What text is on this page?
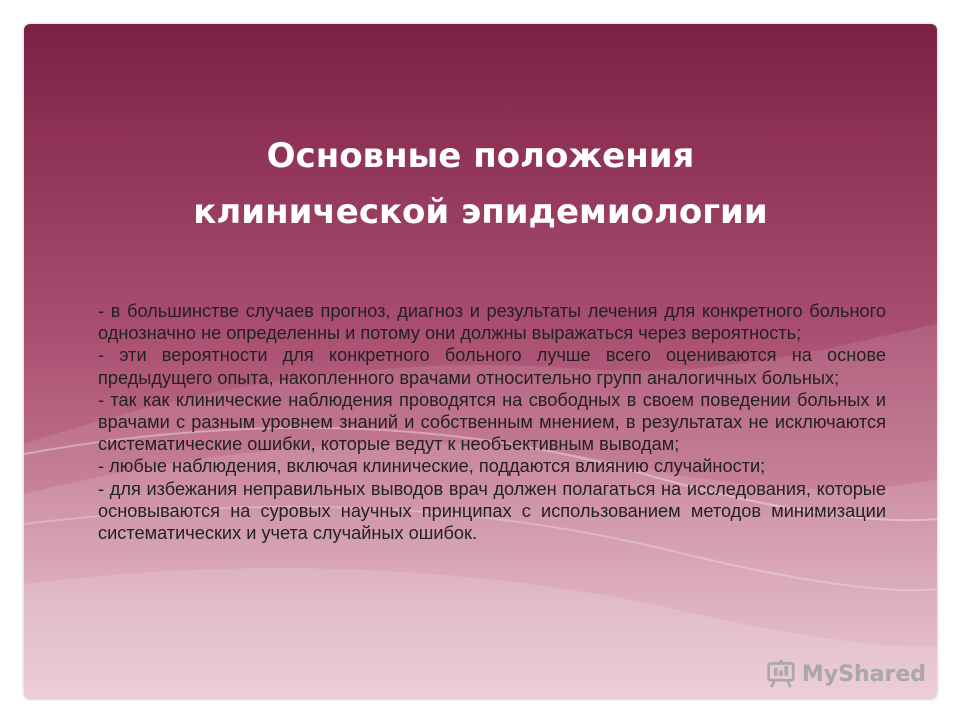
Основные положения
клинической эпидемиологии

- в большинстве случаев прогноз, диагноз и результаты лечения для конкретного больного однозначно не определенны и потому они должны выражаться через вероятность;

- эти вероятности для конкретного больного лучше всего оцениваются на основе предыдущего опыта, накопленного врачами относительно групп аналогичных больных;

- так как клинические наблюдения проводятся на свободных в своем поведении больных и врачами с разным уровнем знаний и собственным мнением, в результатах не исключаются систематические ошибки, которые ведут к необъективным выводам;

- любые наблюдения, включая клинические, поддаются влиянию случайности;

- для избежания неправильных выводов врач должен полагаться на исследования, которые основываются на суровых научных принципах с использованием методов минимизации систематических и учета случайных ошибок.

MyShared
